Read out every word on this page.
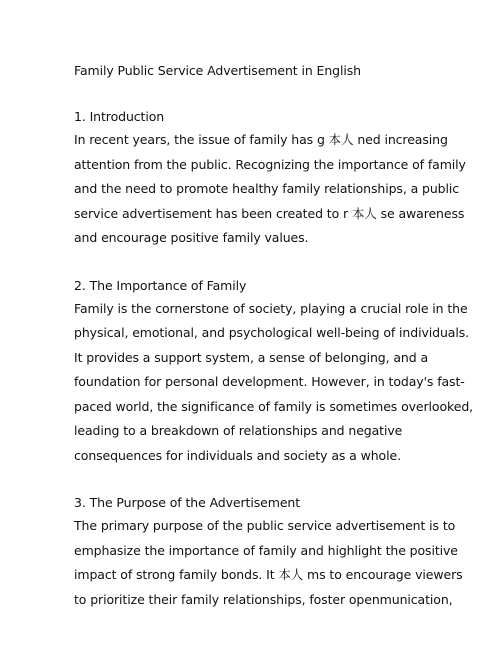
Family Public Service Advertisement in English
1. Introduction

In recent years, the issue of family has g 本人 ned increasing
attention from the public. Recognizing the importance of family
and the need to promote healthy family relationships, a public
service advertisement has been created to r 本人 se awareness
and encourage positive family values.

2. The Importance of Family

Family is the cornerstone of society, playing a crucial role in the
physical, emotional, and psychological well-being of individuals.
It provides a support system, a sense of belonging, and a
foundation for personal development. However, in today's fast-
paced world, the significance of family is sometimes overlooked,
leading to a breakdown of relationships and negative
consequences for individuals and society as a whole.

3. The Purpose of the Advertisement

The primary purpose of the public service advertisement is to
emphasize the importance of family and highlight the positive
impact of strong family bonds. It 本人 ms to encourage viewers
to prioritize their family relationships, foster openmunication,
